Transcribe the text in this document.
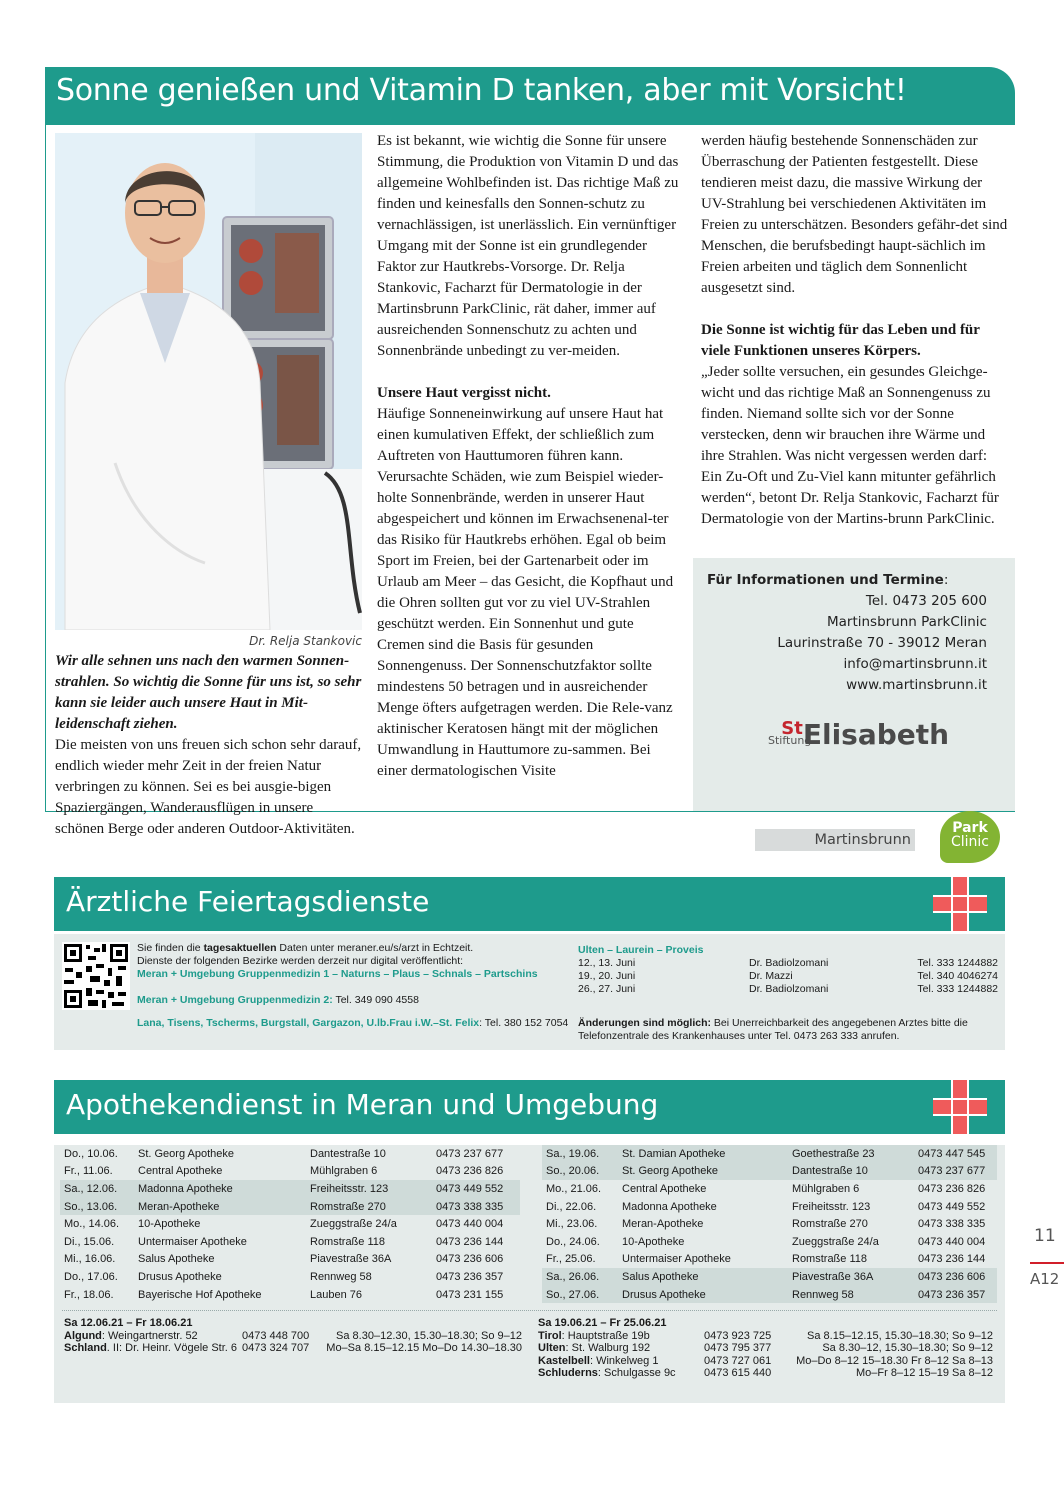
Sonne genießen und Vitamin D tanken, aber mit Vorsicht!
Dr. Relja Stankovic

Wir alle sehnen uns nach den warmen Sonnen-strahlen. So wichtig die Sonne für uns ist, so sehr kann sie leider auch unsere Haut in Mit-leidenschaft ziehen.

Die meisten von uns freuen sich schon sehr darauf, endlich wieder mehr Zeit in der freien Natur verbringen zu können. Sei es bei ausgie-bigen Spaziergängen, Wanderausflügen in unsere schönen Berge oder anderen Outdoor-Aktivitäten.

Es ist bekannt, wie wichtig die Sonne für unsere Stimmung, die Produktion von Vitamin D und das allgemeine Wohlbefinden ist. Das richtige Maß zu finden und keinesfalls den Sonnen-schutz zu vernachlässigen, ist unerlässlich. Ein vernünftiger Umgang mit der Sonne ist ein grundlegender Faktor zur Hautkrebs-Vorsorge. Dr. Relja Stankovic, Facharzt für Dermatologie in der Martinsbrunn ParkClinic, rät daher, immer auf ausreichenden Sonnenschutz zu achten und Sonnenbrände unbedingt zu ver-meiden.

Unsere Haut vergisst nicht.

Häufige Sonneneinwirkung auf unsere Haut hat einen kumulativen Effekt, der schließlich zum Auftreten von Hauttumoren führen kann. Verursachte Schäden, wie zum Beispiel wieder-holte Sonnenbrände, werden in unserer Haut abgespeichert und können im Erwachsenenal-ter das Risiko für Hautkrebs erhöhen. Egal ob beim Sport im Freien, bei der Gartenarbeit oder im Urlaub am Meer – das Gesicht, die Kopfhaut und die Ohren sollten gut vor zu viel UV-Strahlen geschützt werden. Ein Sonnenhut und gute Cremen sind die Basis für gesunden Sonnengenuss. Der Sonnenschutzfaktor sollte mindestens 50 betragen und in ausreichender Menge öfters aufgetragen werden. Die Rele-vanz aktinischer Keratosen hängt mit der möglichen Umwandlung in Hauttumore zu-sammen. Bei einer dermatologischen Visite

werden häufig bestehende Sonnenschäden zur Überraschung der Patienten festgestellt. Diese tendieren meist dazu, die massive Wirkung der UV-Strahlung bei verschiedenen Aktivitäten im Freien zu unterschätzen. Besonders gefähr-det sind Menschen, die berufsbedingt haupt-sächlich im Freien arbeiten und täglich dem Sonnenlicht ausgesetzt sind.

Die Sonne ist wichtig für das Leben und für viele Funktionen unseres Körpers.

„Jeder sollte versuchen, ein gesundes Gleichge-wicht und das richtige Maß an Sonnengenuss zu finden. Niemand sollte sich vor der Sonne verstecken, denn wir brauchen ihre Wärme und ihre Strahlen. Was nicht vergessen werden darf: Ein Zu-Oft und Zu-Viel kann mitunter gefährlich werden“, betont Dr. Relja Stankovic, Facharzt für Dermatologie von der Martins-brunn ParkClinic.

Für Informationen und Termine:
Tel. 0473 205 600
Martinsbrunn ParkClinic
Laurinstraße 70 - 39012 Meran
info@martinsbrunn.it
www.martinsbrunn.it
StiftungStElisabeth
Martinsbrunn
Park
Clinic
Ärztliche Feiertagsdienste
Sie finden die tagesaktuellen Daten unter meraner.eu/s/arzt in Echtzeit.
Dienste der folgenden Bezirke werden derzeit nur digital veröffentlicht:
Meran + Umgebung Gruppenmedizin 1 – Naturns – Plaus – Schnals – Partschins
Meran + Umgebung Gruppenmedizin 2: Tel. 349 090 4558
Lana, Tisens, Tscherms, Burgstall, Gargazon, U.lb.Frau i.W.–St. Felix: Tel. 380 152 7054
Ulten – Laurein – Proveis
12., 13. Juni	Dr. Badiolzomani	Tel. 333 1244882
19., 20. Juni	Dr. Mazzi	Tel. 340 4046274
26., 27. Juni	Dr. Badiolzomani	Tel. 333 1244882
Änderungen sind möglich: Bei Unerreichbarkeit des angegebenen Arztes bitte die Telefonzentrale des Krankenhauses unter Tel. 0473 263 333 anrufen.
Apothekendienst in Meran und Umgebung
Do., 10.06.	St. Georg Apotheke	Dantestraße 10	0473 237 677
Fr., 11.06.	Central Apotheke	Mühlgraben 6	0473 236 826
Sa., 12.06.	Madonna Apotheke	Freiheitsstr. 123	0473 449 552
So., 13.06.	Meran-Apotheke	Romstraße 270	0473 338 335
Mo., 14.06.	10-Apotheke	Zueggstraße 24/a	0473 440 004
Di., 15.06.	Untermaiser Apotheke	Romstraße 118	0473 236 144
Mi., 16.06.	Salus Apotheke	Piavestraße 36A	0473 236 606
Do., 17.06.	Drusus Apotheke	Rennweg 58	0473 236 357
Fr., 18.06.	Bayerische Hof Apotheke	Lauben 76	0473 231 155
Sa., 19.06.	St. Damian Apotheke	Goethestraße 23	0473 447 545
So., 20.06.	St. Georg Apotheke	Dantestraße 10	0473 237 677
Mo., 21.06.	Central Apotheke	Mühlgraben 6	0473 236 826
Di., 22.06.	Madonna Apotheke	Freiheitsstr. 123	0473 449 552
Mi., 23.06.	Meran-Apotheke	Romstraße 270	0473 338 335
Do., 24.06.	10-Apotheke	Zueggstraße 24/a	0473 440 004
Fr., 25.06.	Untermaiser Apotheke	Romstraße 118	0473 236 144
Sa., 26.06.	Salus Apotheke	Piavestraße 36A	0473 236 606
So., 27.06.	Drusus Apotheke	Rennweg 58	0473 236 357
Sa 12.06.21 – Fr 18.06.21
Algund: Weingartnerstr. 52	0473 448 700	Sa 8.30–12.30, 15.30–18.30; So 9–12
Schland. II: Dr. Heinr. Vögele Str. 6 0473 324 707	Mo–Sa 8.15–12.15 Mo–Do 14.30–18.30
Sa 19.06.21 – Fr 25.06.21
Tirol: Hauptstraße 19b	0473 923 725	Sa 8.15–12.15, 15.30–18.30; So 9–12
Ulten: St. Walburg 192	0473 795 377	Sa 8.30–12, 15.30–18.30; So 9–12
Kastelbell: Winkelweg 1	0473 727 061	Mo–Do 8–12 15–18.30 Fr 8–12 Sa 8–13
Schluderns: Schulgasse 9c	0473 615 440	Mo–Fr 8–12 15–19 Sa 8–12
11
A12
